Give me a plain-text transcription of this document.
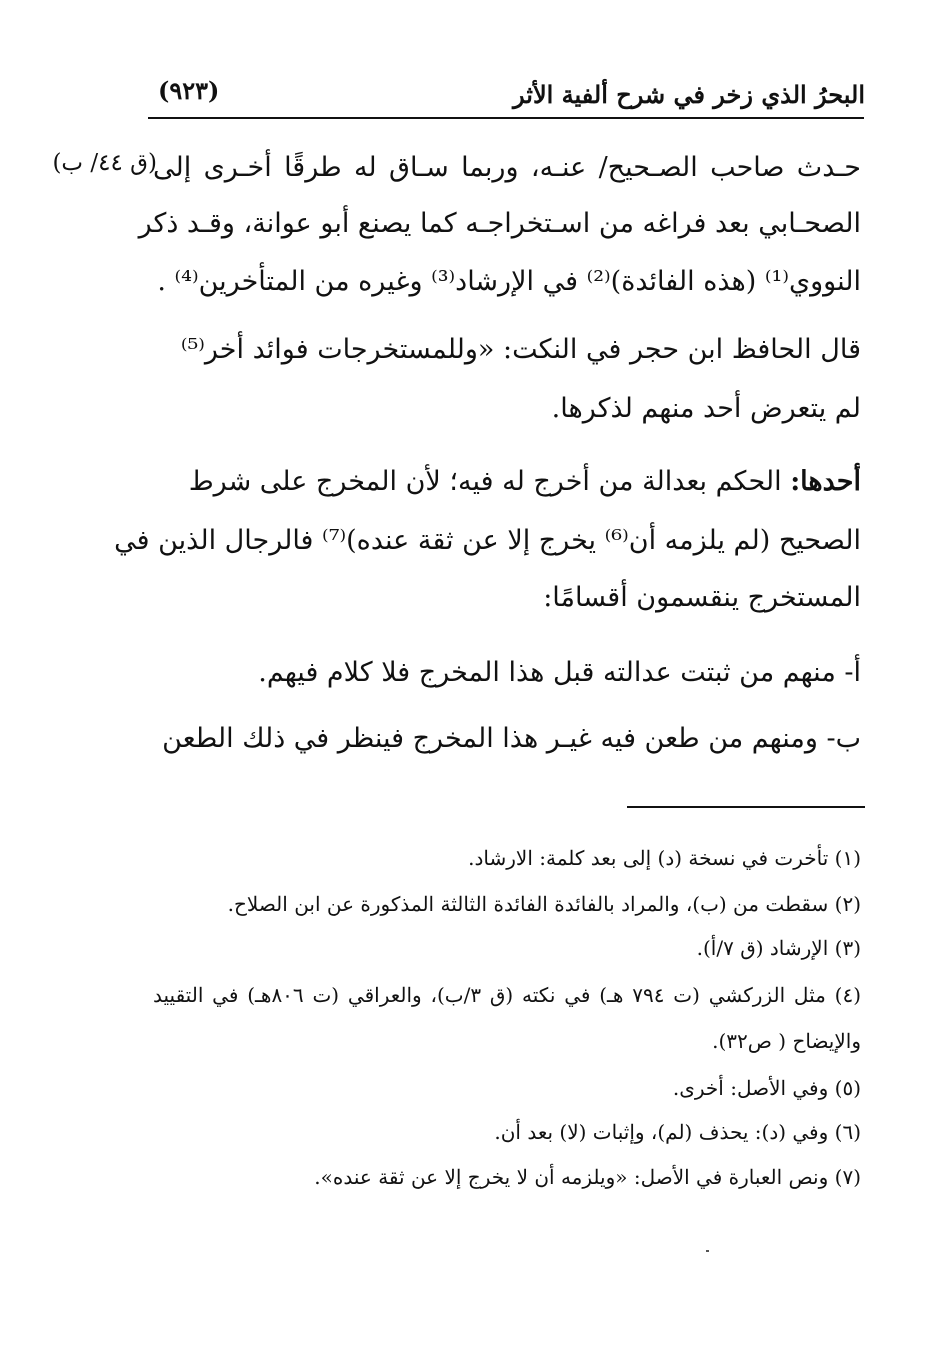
البحرُ الذي زخر في شرح ألفية الأثر
(٩٢٣)
(ق ٤٤/ ب)
حـدث صاحب الصـحيح/ عنـه، وربما سـاق له طرقًا أخـرى إلى
الصحـابي بعد فراغه من اسـتخراجـه كما يصنع أبو عوانة، وقـد ذكر
النووي⁽¹⁾ (هذه الفائدة)⁽²⁾ في الإرشاد⁽³⁾ وغيره من المتأخرين⁽⁴⁾ .
قال الحافظ ابن حجر في النكت: «وللمستخرجات فوائد أخر⁽⁵⁾
لم يتعرض أحد منهم لذكرها.
أحدها: الحكم بعدالة من أخرج له فيه؛ لأن المخرج على شرط
الصحيح (لم يلزمه أن⁽⁶⁾ يخرج إلا عن ثقة عنده)⁽⁷⁾ فالرجال الذين في
المستخرج ينقسمون أقسامًا:
أ- منهم من ثبتت عدالته قبل هذا المخرج فلا كلام فيهم.
ب- ومنهم من طعن فيه غيـر هذا المخرج فينظر في ذلك الطعن
(١) تأخرت في نسخة (د) إلى بعد كلمة: الارشاد.
(٢) سقطت من (ب)، والمراد بالفائدة الفائدة الثالثة المذكورة عن ابن الصلاح.
(٣) الإرشاد (ق ٧/أ).
(٤) مثل الزركشي (ت ٧٩٤ هـ) في نكته (ق ٣/ب)، والعراقي (ت ٨٠٦هـ) في التقييد
والإيضاح ( ص٣٢).
(٥) وفي الأصل: أخرى.
(٦) وفي (د): يحذف (لم)، وإثبات (لا) بعد أن.
(٧) ونص العبارة في الأصل: «ويلزمه أن لا يخرج إلا عن ثقة عنده».
